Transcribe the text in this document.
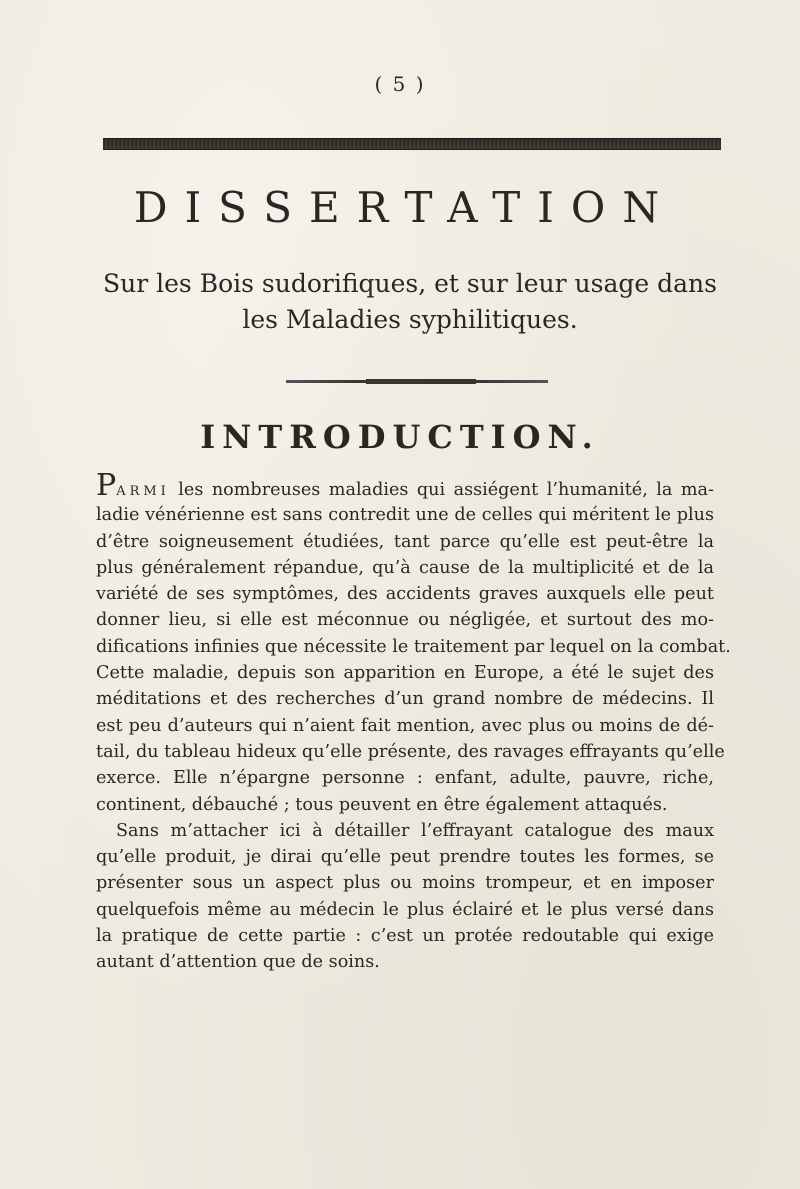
( 5 )
DISSERTATION
Sur les Bois sudorifiques, et sur leur usage dans
les Maladies syphilitiques.
INTRODUCTION.
PARMI les nombreuses maladies qui assiégent l’humanité, la ma-
ladie vénérienne est sans contredit une de celles qui méritent le plus
d’être soigneusement étudiées, tant parce qu’elle est peut-être la
plus généralement répandue, qu’à cause de la multiplicité et de la
variété de ses symptômes, des accidents graves auxquels elle peut
donner lieu, si elle est méconnue ou négligée, et surtout des mo-
difications infinies que nécessite le traitement par lequel on la combat.
Cette maladie, depuis son apparition en Europe, a été le sujet des
méditations et des recherches d’un grand nombre de médecins. Il
est peu d’auteurs qui n’aient fait mention, avec plus ou moins de dé-
tail, du tableau hideux qu’elle présente, des ravages effrayants qu’elle
exerce. Elle n’épargne personne : enfant, adulte, pauvre, riche,
continent, débauché ; tous peuvent en être également attaqués.
Sans m’attacher ici à détailler l’effrayant catalogue des maux
qu’elle produit, je dirai qu’elle peut prendre toutes les formes, se
présenter sous un aspect plus ou moins trompeur, et en imposer
quelquefois même au médecin le plus éclairé et le plus versé dans
la pratique de cette partie : c’est un protée redoutable qui exige
autant d’attention que de soins.
